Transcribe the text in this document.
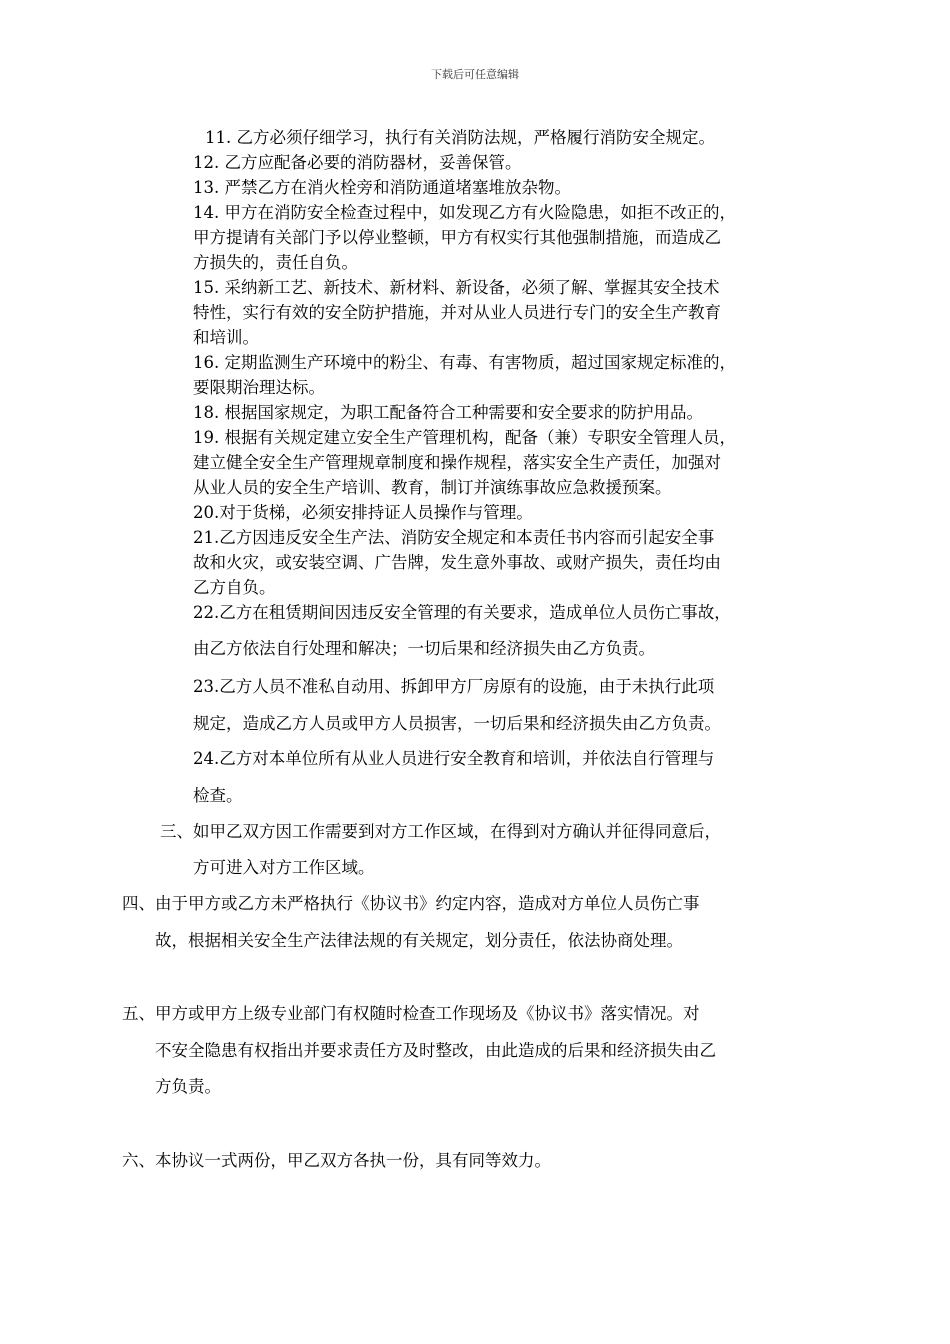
下载后可任意编辑
11. 乙方必须仔细学习，执行有关消防法规，严格履行消防安全规定。
12. 乙方应配备必要的消防器材，妥善保管。
13. 严禁乙方在消火栓旁和消防通道堵塞堆放杂物。
14. 甲方在消防安全检查过程中，如发现乙方有火险隐患，如拒不改正的，
甲方提请有关部门予以停业整顿，甲方有权实行其他强制措施，而造成乙
方损失的，责任自负。
15. 采纳新工艺、新技术、新材料、新设备，必须了解、掌握其安全技术
特性，实行有效的安全防护措施，并对从业人员进行专门的安全生产教育
和培训。
16. 定期监测生产环境中的粉尘、有毒、有害物质，超过国家规定标准的，
要限期治理达标。
18. 根据国家规定，为职工配备符合工种需要和安全要求的防护用品。
19. 根据有关规定建立安全生产管理机构，配备（兼）专职安全管理人员，
建立健全安全生产管理规章制度和操作规程，落实安全生产责任，加强对
从业人员的安全生产培训、教育，制订并演练事故应急救援预案。
20.对于货梯，必须安排持证人员操作与管理。
21.乙方因违反安全生产法、消防安全规定和本责任书内容而引起安全事
故和火灾，或安装空调、广告牌，发生意外事故、或财产损失，责任均由
乙方自负。
22.乙方在租赁期间因违反安全管理的有关要求，造成单位人员伤亡事故，
由乙方依法自行处理和解决；一切后果和经济损失由乙方负责。
23.乙方人员不准私自动用、拆卸甲方厂房原有的设施，由于未执行此项
规定，造成乙方人员或甲方人员损害，一切后果和经济损失由乙方负责。
24.乙方对本单位所有从业人员进行安全教育和培训，并依法自行管理与
检查。
三、如甲乙双方因工作需要到对方工作区域，在得到对方确认并征得同意后，
方可进入对方工作区域。
四、由于甲方或乙方未严格执行《协议书》约定内容，造成对方单位人员伤亡事
故，根据相关安全生产法律法规的有关规定，划分责任，依法协商处理。
五、甲方或甲方上级专业部门有权随时检查工作现场及《协议书》落实情况。对
不安全隐患有权指出并要求责任方及时整改，由此造成的后果和经济损失由乙
方负责。
六、本协议一式两份，甲乙双方各执一份，具有同等效力。
